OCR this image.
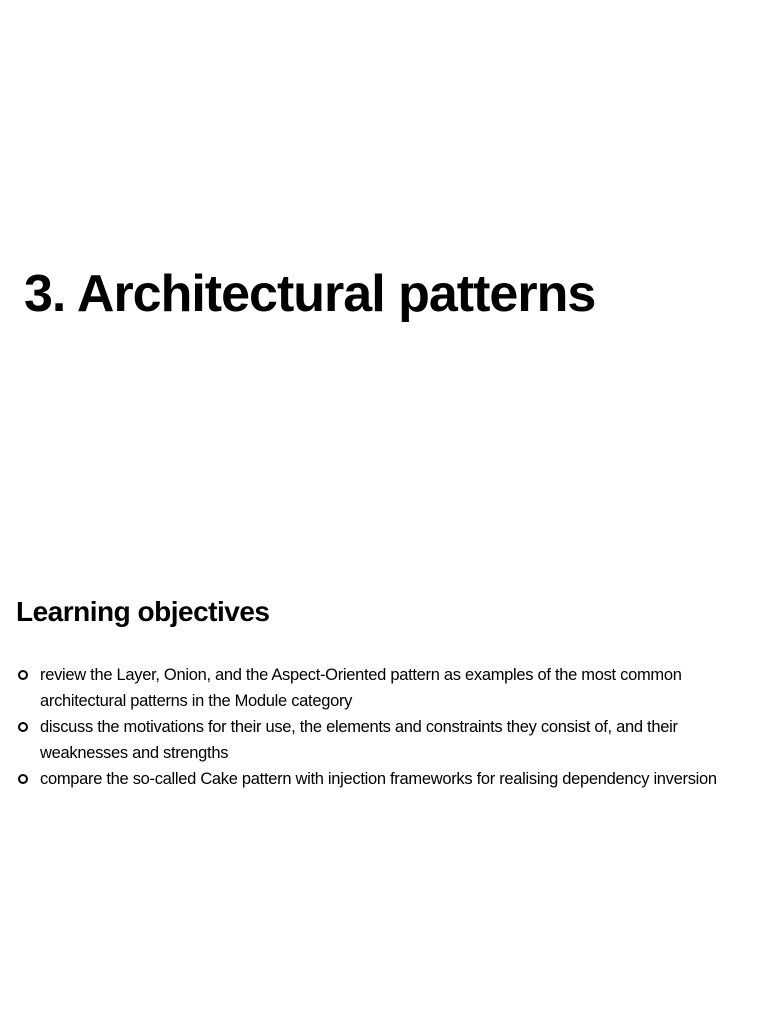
3. Architectural patterns
Learning objectives
review the Layer, Onion, and the Aspect-Oriented pattern as examples of the most common architectural patterns in the Module category
discuss the motivations for their use, the elements and constraints they consist of, and their weaknesses and strengths
compare the so-called Cake pattern with injection frameworks for realising dependency inversion
